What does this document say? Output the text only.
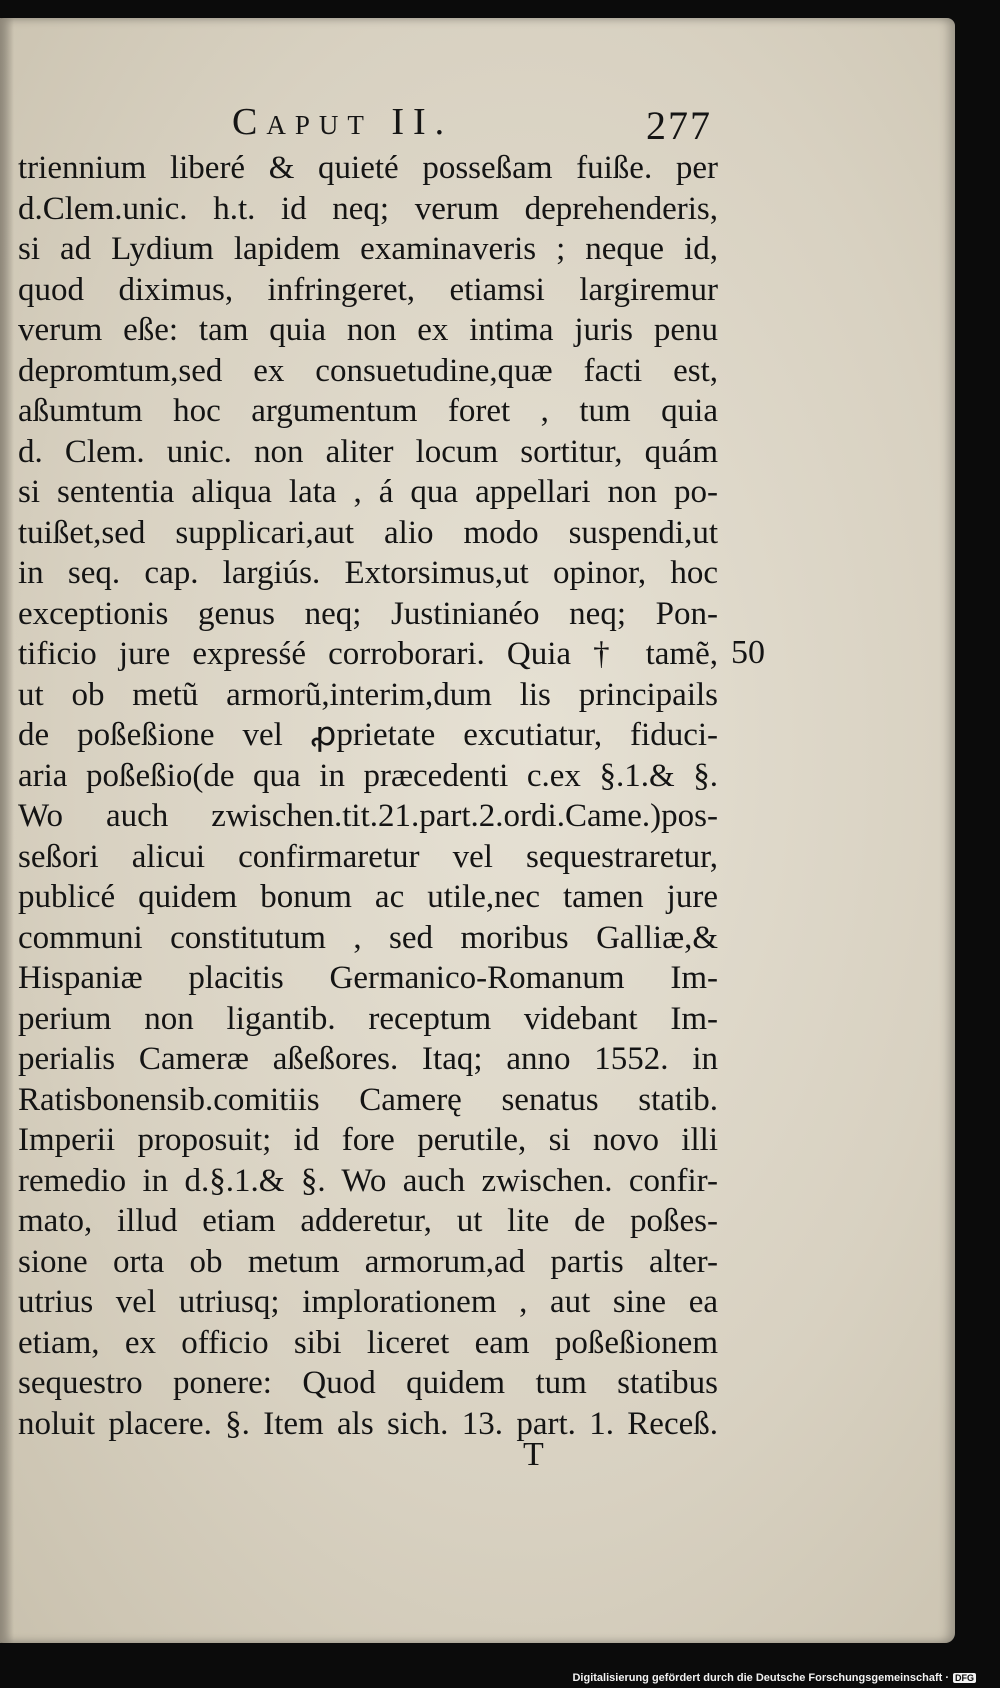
Caput II.	277
triennium liberé & quieté posseßam fuiße. per
d.Clem.unic. h.t. id neq; verum deprehenderis,
si ad Lydium lapidem examinaveris ; neque id,
quod diximus, infringeret, etiamsi largiremur
verum eße: tam quia non ex intima juris penu
depromtum,sed ex consuetudine,quæ facti est,
aßumtum hoc argumentum foret , tum quia
d. Clem. unic. non aliter locum sortitur, quám
si sententia aliqua lata , á qua appellari non po-
tuißet,sed supplicari,aut alio modo suspendi,ut
in seq. cap. largiús. Extorsimus,ut opinor, hoc
exceptionis genus neq; Justinianéo neq; Pon-
tificio jure expresśé corroborari. Quia † tamẽ,
ut ob metũ armorũ,interim,dum lis principails
de poßeßione vel ꝓprietate excutiatur, fiduci-
aria poßeßio(de qua in præcedenti c.ex §.1.& §.
Wo auch zwischen.tit.21.part.2.ordi.Came.)pos-
seßori alicui confirmaretur vel sequestraretur,
publicé quidem bonum ac utile,nec tamen jure
communi constitutum , sed moribus Galliæ,&
Hispaniæ placitis Germanico-Romanum Im-
perium non ligantib. receptum videbant Im-
perialis Cameræ aßeßores. Itaq; anno 1552. in
Ratisbonensib.comitiis Camerę senatus statib.
Imperii proposuit; id fore perutile, si novo illi
remedio in d.§.1.& §. Wo auch zwischen. confir-
mato, illud etiam adderetur, ut lite de poßes-
sione orta ob metum armorum,ad partis alter-
utrius vel utriusq; implorationem , aut sine ea
etiam, ex officio sibi liceret eam poßeßionem
sequestro ponere: Quod quidem tum statibus
noluit placere. §. Item als sich. 13. part. 1. Receß.
50
T
Digitalisierung gefördert durch die Deutsche Forschungsgemeinschaft · DFG
